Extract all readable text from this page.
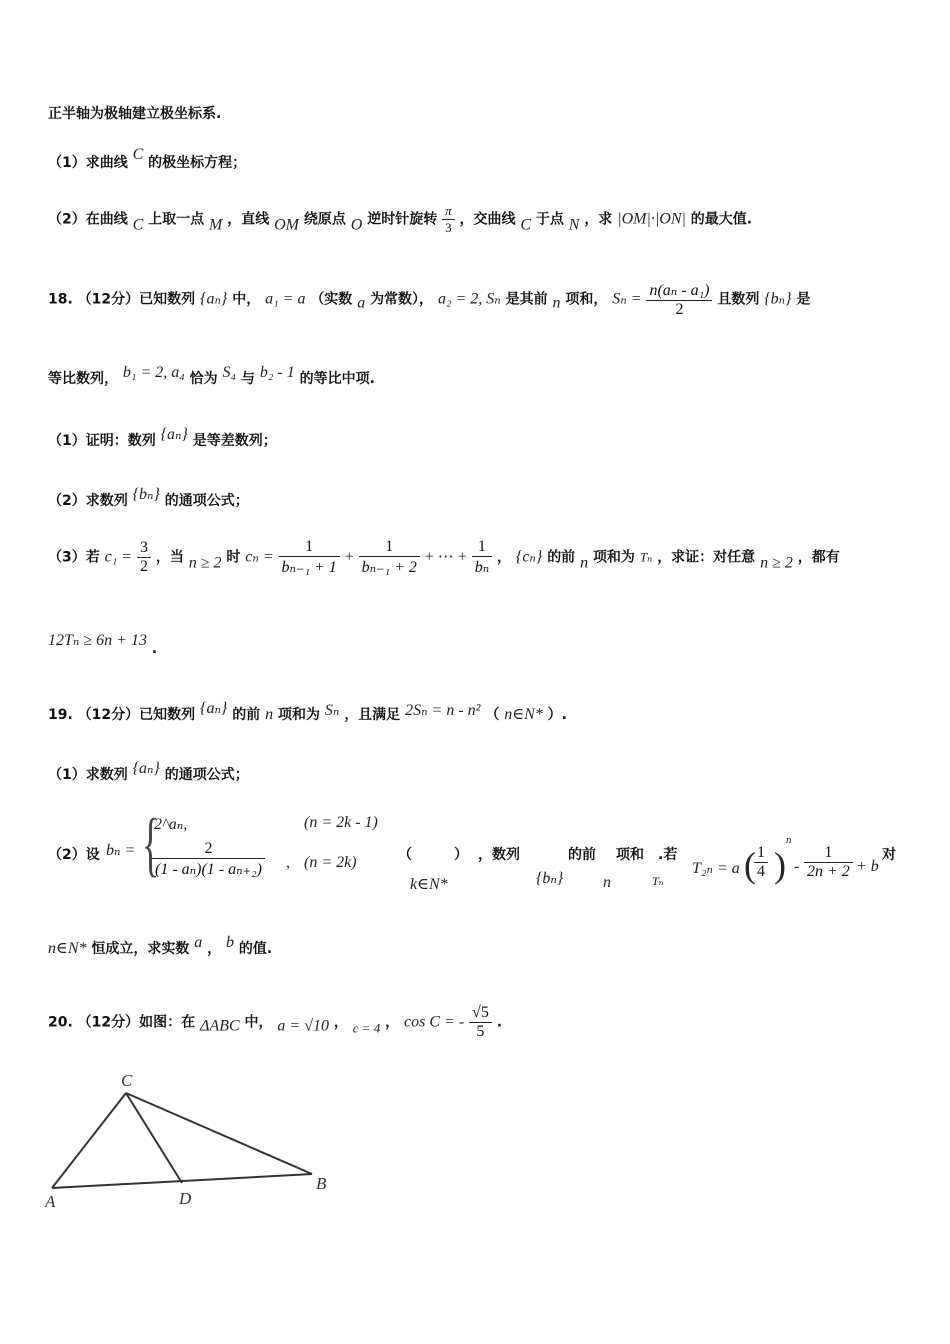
正半轴为极轴建立极坐标系.
（1）求曲线 C 的极坐标方程；
（2）在曲线 C 上取一点 M ，直线 OM 绕原点 O 逆时针旋转 $\frac{\pi}{3}$ ，交曲线 C 于点 N ，求 |OM|·|ON| 的最大值.
18. （12分）已知数列 {aₙ} 中， a₁ = a （实数 a 为常数）， a₂ = 2, Sₙ 是其前 n 项和， $S_n = \frac{\text{n(aₙ - a₁)}}{2}$ 且数列 {bₙ} 是
等比数列， b₁ = 2, a₄ 恰为 S₄ 与 b₂ - 1 的等比中项.
（1）证明：数列 {aₙ} 是等差数列；
（2）求数列 {bₙ} 的通项公式；
（3）若 $c_1 = \frac{3}{2}$ ，当 n ≥ 2 时 $c_n = \frac{1}{\text{bₙ₋₁ + 1}} + \frac{1}{\text{bₙ₋₁ + 2}}$ + ⋯ + $\frac{1}{\text{bₙ}}$ ， {cₙ} 的前 n 项和为 Tₙ ，求证：对任意 n ≥ 2 ，都有
12Tₙ ≥ 6n + 13 .
19. （12分）已知数列 {aₙ} 的前 n 项和为 Sₙ ，且满足 2Sₙ = n - n² （ n∈N* ）.
（1）求数列 {aₙ} 的通项公式；
（2）设 bₙ = {
2^aₙ,	(n = 2k - 1)
$\frac{2}{\text{(1 - aₙ)(1 - aₙ₊₂)}}$ , (n = 2k)	（　　　）
k∈N*
，数列
{bₙ}
的前
n
项和
Tₙ
.若
T₂ₙ = a (
$\frac{1}{4}$ )
n
- $\frac{1}{2n + 2} + b$
对
n∈N* 恒成立，求实数 a ， b 的值.
20. （12分）如图：在 ΔABC 中， a = √10 ， c = 4 ， cos C = - $\frac{√5}{5}$ .
C
A	D
B
